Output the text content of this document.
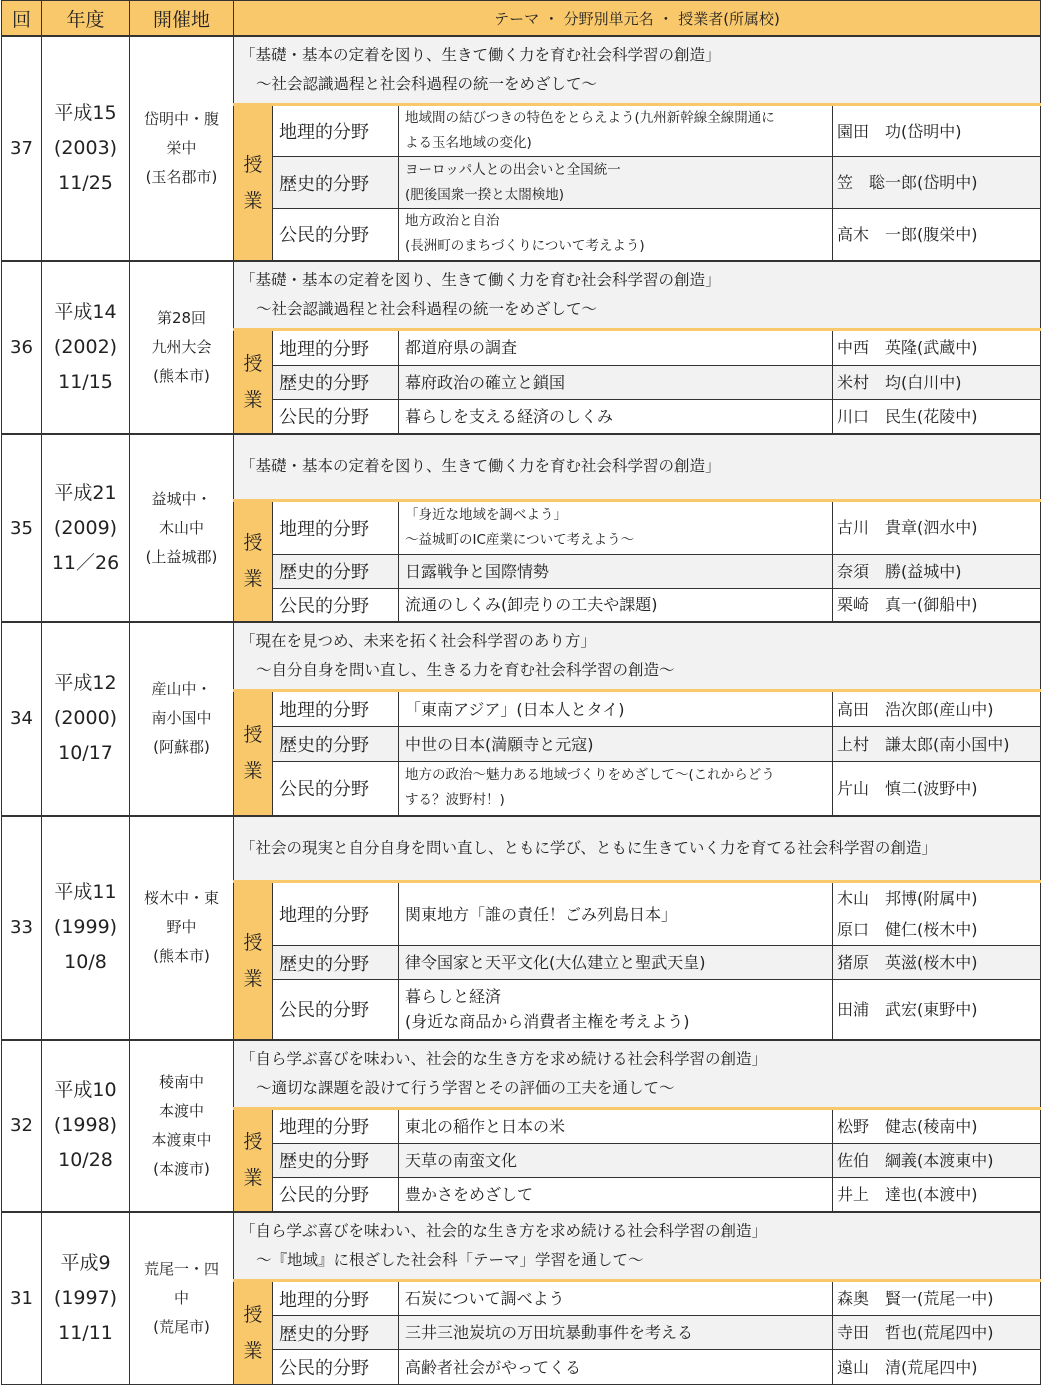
回	年度	開催地	テーマ ・ 分野別単元名 ・ 授業者(所属校)			
37	平成15
(2003)
11/25	岱明中・腹
栄中
(玉名郡市)	「基礎・基本の定着を図り、生きて働く力を育む社会科学習の創造」
～社会認識過程と社会科過程の統一をめざして～			

			授
業	地理的分野	地域間の結びつきの特色をとらえよう(九州新幹線全線開通に
よる玉名地域の変化)	園田　功(岱明中)

				歴史的分野	ヨーロッパ人との出会いと全国統一
(肥後国衆一揆と太閤検地)	笠　聡一郎(岱明中)

				公民的分野	地方政治と自治
(長洲町のまちづくりについて考えよう)	高木　一郎(腹栄中)

36	平成14
(2002)
11/15	第28回
九州大会
(熊本市)	「基礎・基本の定着を図り、生きて働く力を育む社会科学習の創造」
～社会認識過程と社会科過程の統一をめざして～			

			授
業	地理的分野	都道府県の調査	中西　英隆(武蔵中)

				歴史的分野	幕府政治の確立と鎖国	米村　均(白川中)

				公民的分野	暮らしを支える経済のしくみ	川口　民生(花陵中)

35	平成21
(2009)
11／26	益城中・
木山中
(上益城郡)	「基礎・基本の定着を図り、生きて働く力を育む社会科学習の創造」			

			授
業	地理的分野	「身近な地域を調べよう」
～益城町のIC産業について考えよう～	古川　貴章(泗水中)

				歴史的分野	日露戦争と国際情勢	奈須　勝(益城中)

				公民的分野	流通のしくみ(卸売りの工夫や課題)	栗崎　真一(御船中)

34	平成12
(2000)
10/17	産山中・
南小国中
(阿蘇郡)	「現在を見つめ、未来を拓く社会科学習のあり方」
～自分自身を問い直し、生きる力を育む社会科学習の創造～			

			授
業	地理的分野	「東南アジア」(日本人とタイ)	高田　浩次郎(産山中)

				歴史的分野	中世の日本(満願寺と元寇)	上村　謙太郎(南小国中)

				公民的分野	地方の政治～魅力ある地域づくりをめざして～(これからどう
する？波野村！)	片山　慎二(波野中)

33	平成11
(1999)
10/8	桜木中・東
野中
(熊本市)	「社会の現実と自分自身を問い直し、ともに学び、ともに生きていく力を育てる社会科学習の創造」			

			授
業	地理的分野	関東地方「誰の責任！ごみ列島日本」	木山　邦博(附属中)
原口　健仁(桜木中)

				歴史的分野	律令国家と天平文化(大仏建立と聖武天皇)	猪原　英滋(桜木中)

				公民的分野	暮らしと経済
(身近な商品から消費者主権を考えよう)	田浦　武宏(東野中)

32	平成10
(1998)
10/28	稜南中
本渡中
本渡東中
(本渡市)	「自ら学ぶ喜びを味わい、社会的な生き方を求め続ける社会科学習の創造」
～適切な課題を設けて行う学習とその評価の工夫を通して～			

			授
業	地理的分野	東北の稲作と日本の米	松野　健志(稜南中)

				歴史的分野	天草の南蛮文化	佐伯　綱義(本渡東中)

				公民的分野	豊かさをめざして	井上　達也(本渡中)

31	平成9
(1997)
11/11	荒尾一・四
中
(荒尾市)	「自ら学ぶ喜びを味わい、社会的な生き方を求め続ける社会科学習の創造」
～『地域』に根ざした社会科「テーマ」学習を通して～			

			授
業	地理的分野	石炭について調べよう	森奥　賢一(荒尾一中)

				歴史的分野	三井三池炭坑の万田坑暴動事件を考える	寺田　哲也(荒尾四中)

				公民的分野	高齢者社会がやってくる	遠山　清(荒尾四中)
